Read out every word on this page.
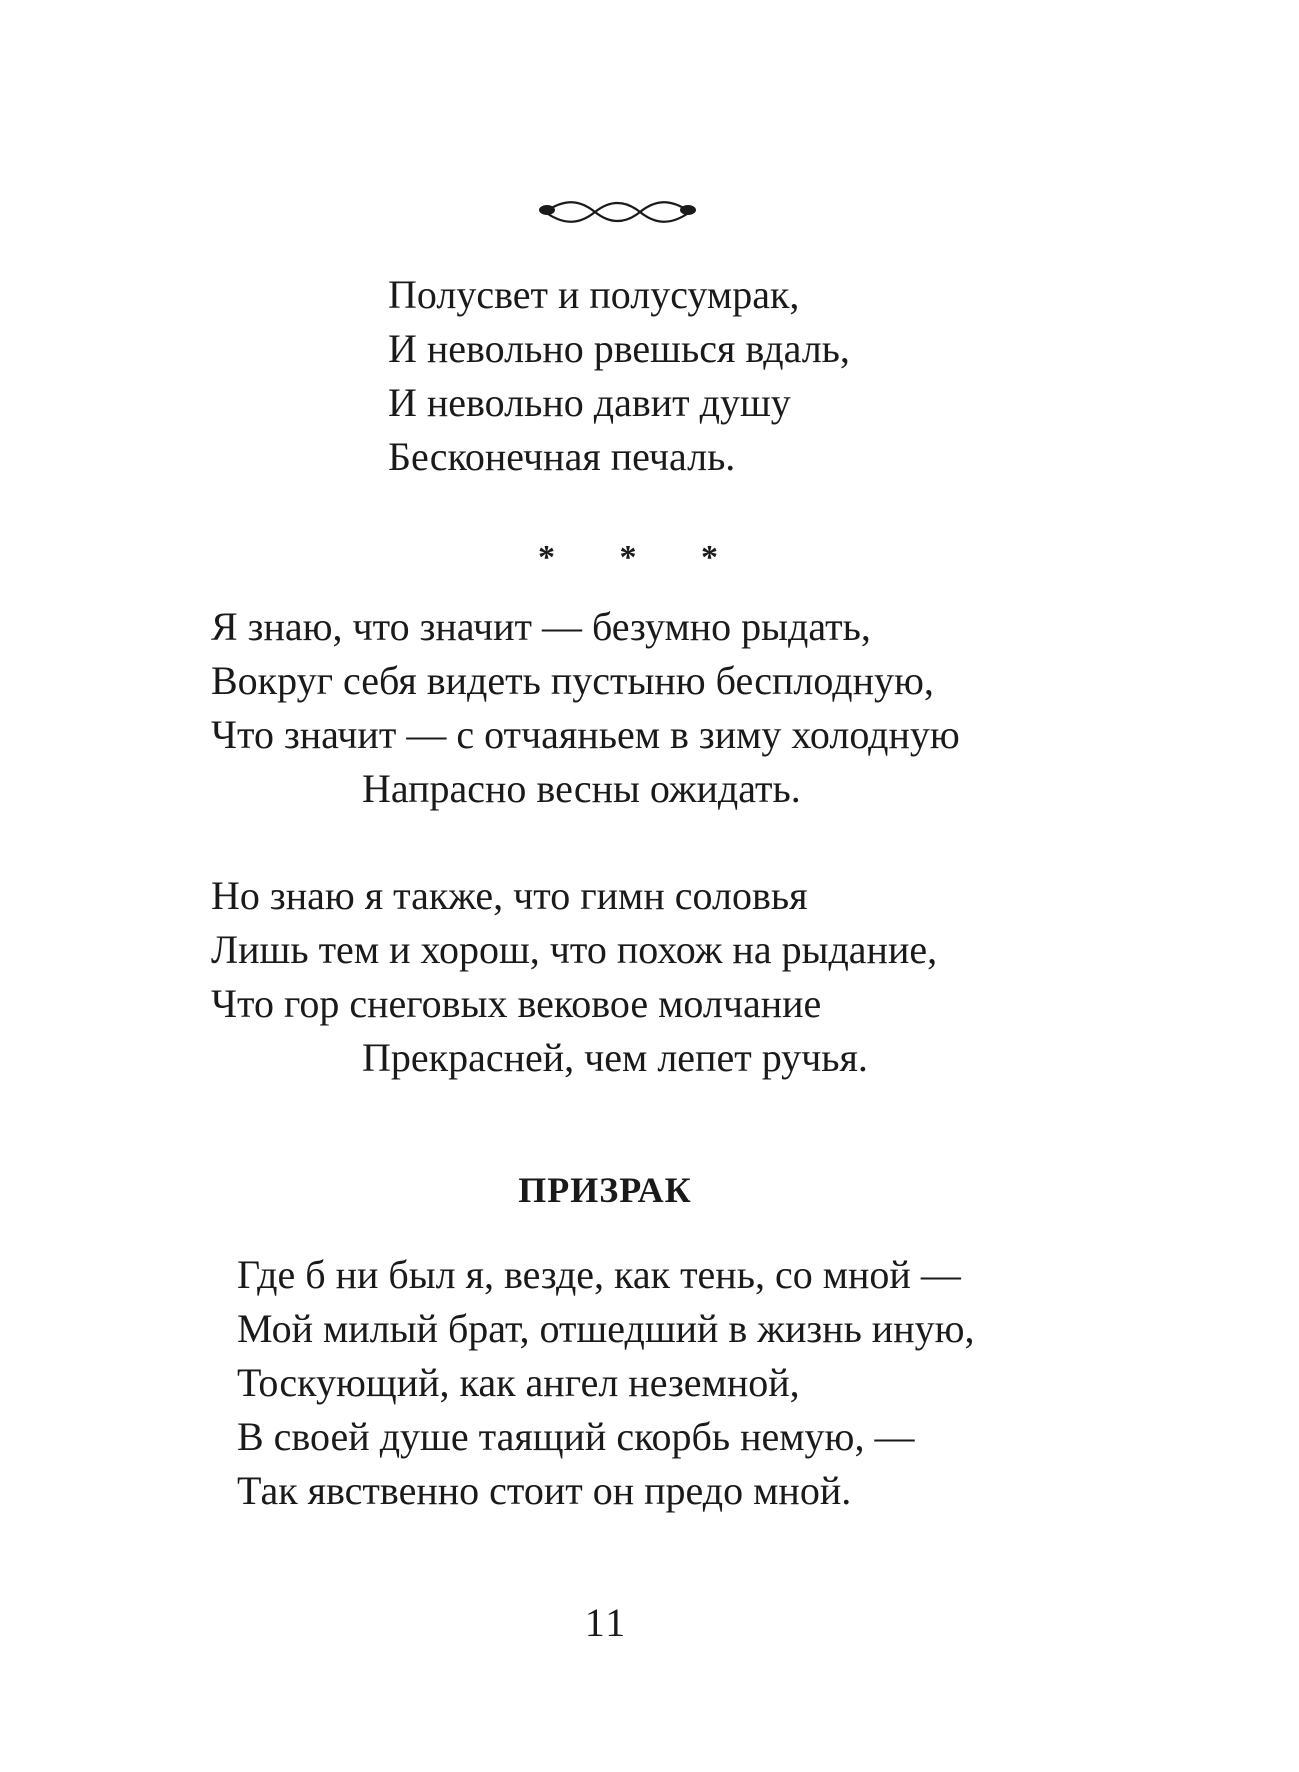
Полусвет и полусумрак,
И невольно рвешься вдаль,
И невольно давит душу
Бесконечная печаль.
* * *
Я знаю, что значит — безумно рыдать,
Вокруг себя видеть пустыню бесплодную,
Что значит — с отчаяньем в зиму холодную
Напрасно весны ожидать.
Но знаю я также, что гимн соловья
Лишь тем и хорош, что похож на рыдание,
Что гор снеговых вековое молчание
Прекрасней, чем лепет ручья.
ПРИЗРАК
Где б ни был я, везде, как тень, со мной —
Мой милый брат, отшедший в жизнь иную,
Тоскующий, как ангел неземной,
В своей душе таящий скорбь немую, —
Так явственно стоит он предо мной.
11
